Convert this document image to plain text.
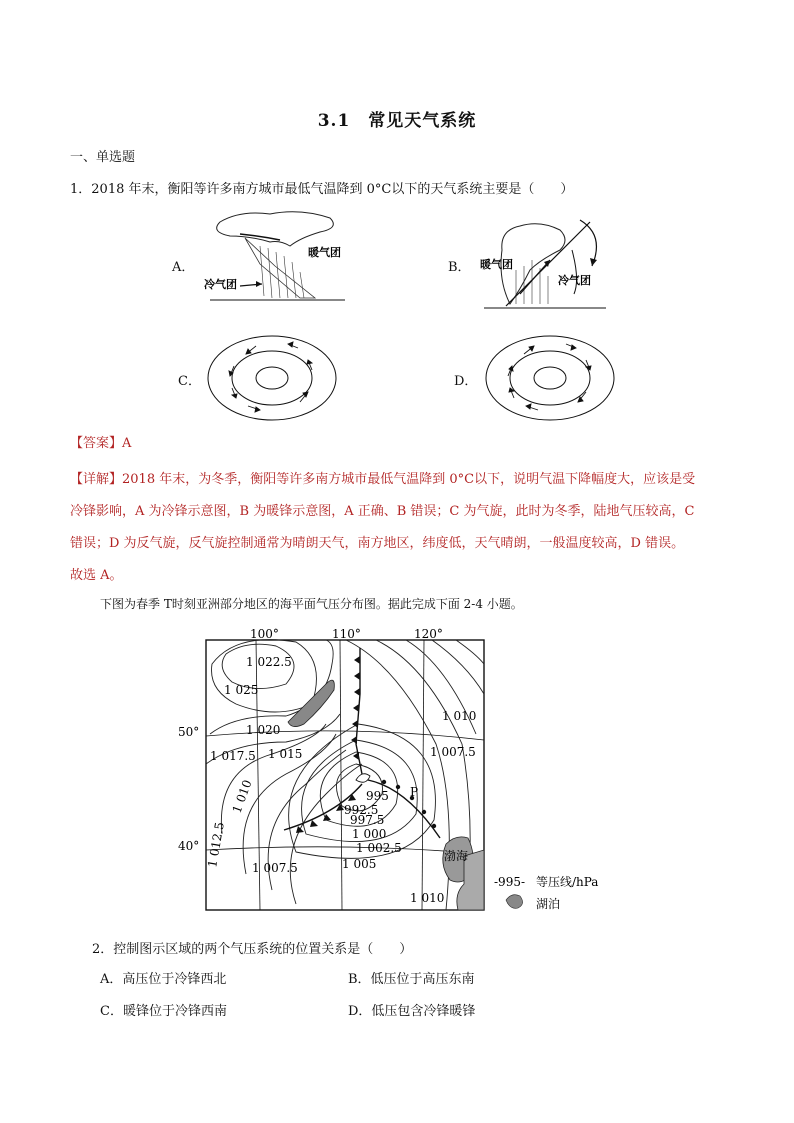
3.1　常见天气系统
一、单选题
1．2018 年末，衡阳等许多南方城市最低气温降到 0°C以下的天气系统主要是（　　）
A．
暖气团
冷气团
B． 暖气团
冷气团
C．	D．
【答案】A
【详解】2018 年末，为冬季，衡阳等许多南方城市最低气温降到 0°C以下，说明气温下降幅度大，应该是受
冷锋影响，A 为冷锋示意图，B 为暖锋示意图，A 正确、B 错误；C 为气旋，此时为冬季，陆地气压较高，C
错误；D 为反气旋，反气旋控制通常为晴朗天气，南方地区，纬度低，天气晴朗，一般温度较高，D 错误。
故选 A。
下图为春季 T时刻亚洲部分地区的海平面气压分布图。据此完成下面 2-4 小题。
100°	110°	120°
50°
40°
1 022.5
1 025
1 020
1 017.5 1 015
1 010
1 012.5 1 007.5	1 005
1 002.5
1 000
997.5
995
992.5
1 010
1 007.5
1 010
P
渤海
-995- 等压线/hPa
湖泊
2．控制图示区域的两个气压系统的位置关系是（　　）
A．高压位于冷锋西北	B．低压位于高压东南
C．暖锋位于冷锋西南	D．低压包含冷锋暖锋
